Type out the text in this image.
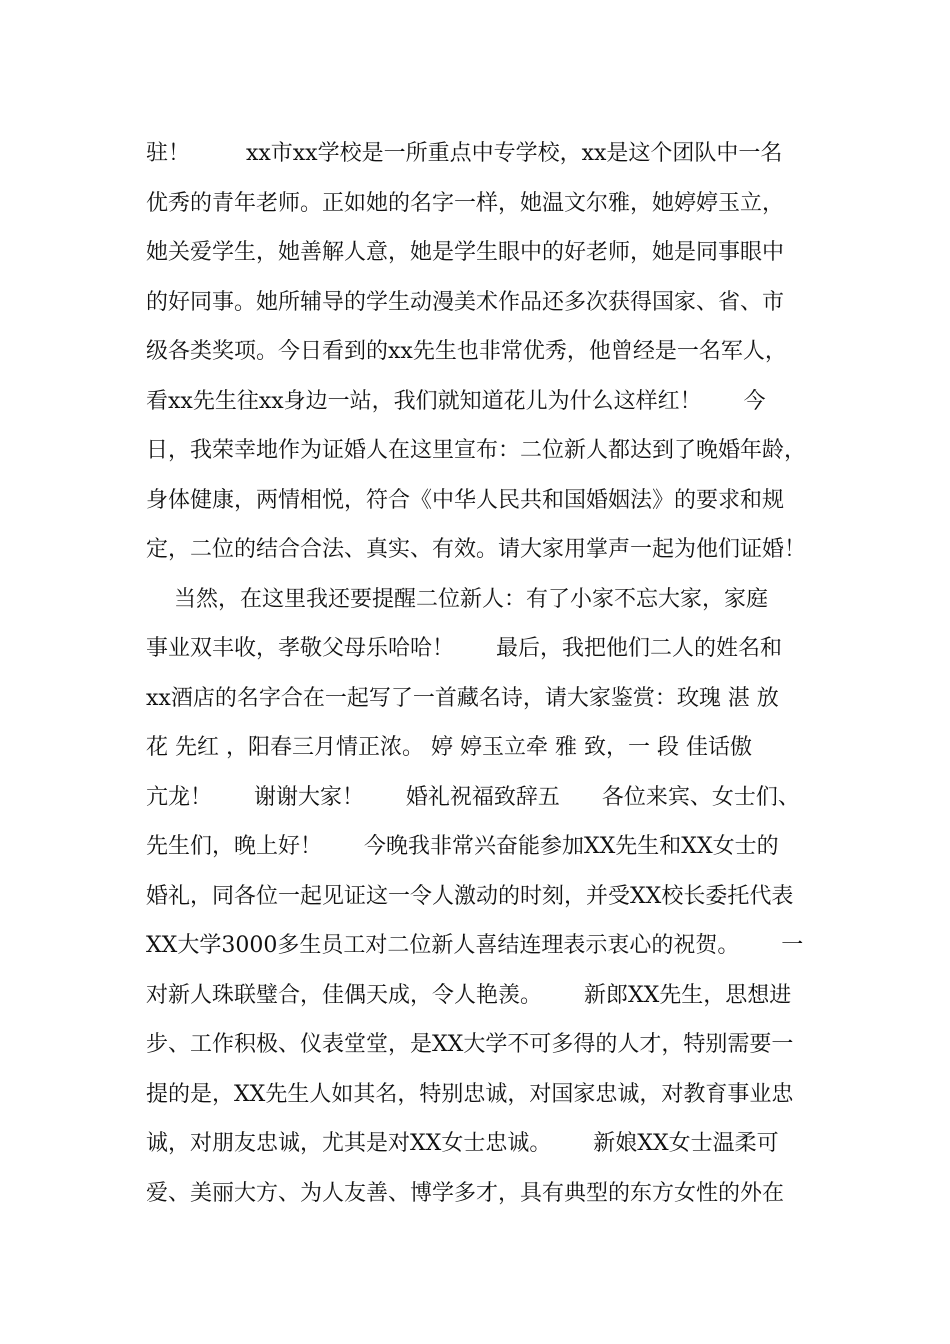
驻！        xx市xx学校是一所重点中专学校，xx是这个团队中一名
优秀的青年老师。正如她的名字一样，她温文尔雅，她婷婷玉立，
她关爱学生，她善解人意，她是学生眼中的好老师，她是同事眼中
的好同事。她所辅导的学生动漫美术作品还多次获得国家、省、市
级各类奖项。今日看到的xx先生也非常优秀，他曾经是一名军人，
看xx先生往xx身边一站，我们就知道花儿为什么这样红！      今
日，我荣幸地作为证婚人在这里宣布：二位新人都达到了晚婚年龄，
身体健康，两情相悦，符合《中华人民共和国婚姻法》的要求和规
定，二位的结合合法、真实、有效。请大家用掌声一起为他们证婚！
当然，在这里我还要提醒二位新人：有了小家不忘大家，家庭
事业双丰收，孝敬父母乐哈哈！      最后，我把他们二人的姓名和
xx酒店的名字合在一起写了一首藏名诗，请大家鉴赏：玫瑰 湛 放
花 先红 ，阳春三月情正浓。 婷 婷玉立牵 雅 致，一 段 佳话傲
亢龙！      谢谢大家！      婚礼祝福致辞五      各位来宾、女士们、
先生们，晚上好！      今晚我非常兴奋能参加XX先生和XX女士的
婚礼，同各位一起见证这一令人激动的时刻，并受XX校长委托代表
XX大学3000多生员工对二位新人喜结连理表示衷心的祝贺。      一
对新人珠联璧合，佳偶天成，令人艳羡。      新郎XX先生，思想进
步、工作积极、仪表堂堂，是XX大学不可多得的人才，特别需要一
提的是，XX先生人如其名，特别忠诚，对国家忠诚，对教育事业忠
诚，对朋友忠诚，尤其是对XX女士忠诚。      新娘XX女士温柔可
爱、美丽大方、为人友善、博学多才，具有典型的东方女性的外在
